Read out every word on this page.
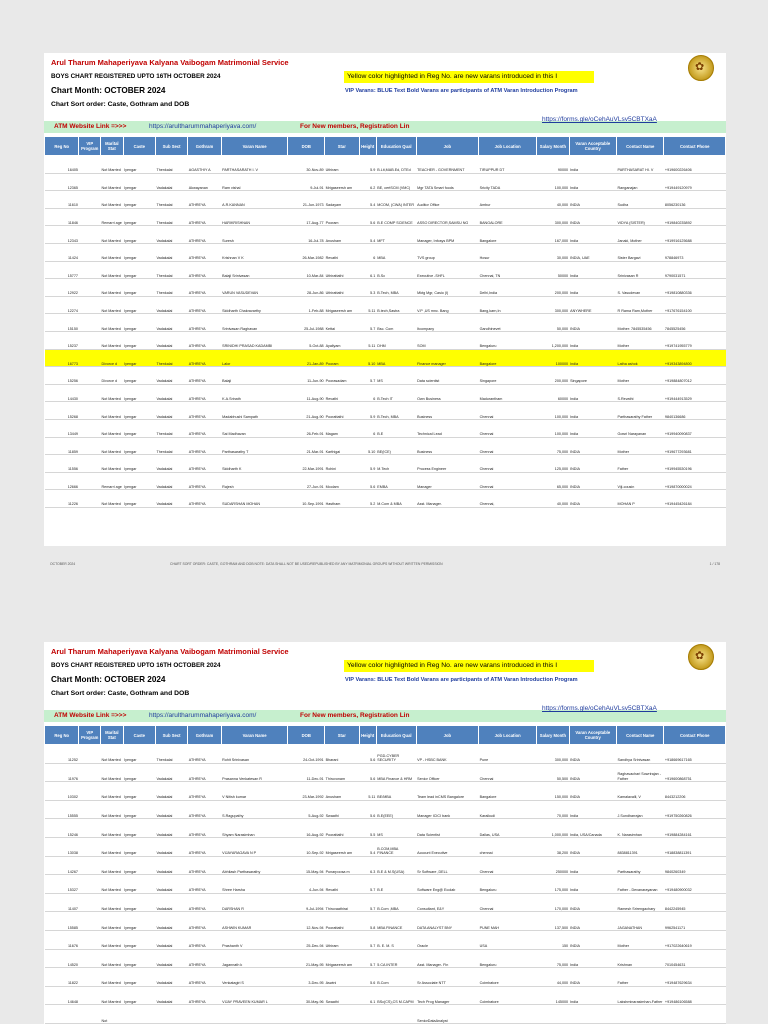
Arul Tharum Mahaperiyava Kalyana Vaibogam Matrimonial Service
BOYS CHART REGISTERED UPTO 16TH OCTOBER 2024
Chart Month: OCTOBER 2024
Chart Sort order: Caste, Gothram and DOB
Yellow color highlighted in Reg No. are new varans introduced in this I
VIP Varans: BLUE Text Bold Varans are participants of ATM Varan Introduction Program
✿
ATM Website Link =>>>	https://arultharummahaperiyava.com/	For New members, Registration Lin
https://forms.gle/oCehAuVLsv5CBTXaA
Reg No	VIP Program	Marital Stat	Caste	Sub Sect	Gothram	Varan Name	DOB	Star	Height	Education Qual	Job	Job Location	Salary Month	Varan Acceptable Country	Contact Name	Contact Phone
16405		Not Married	Iyengar	Thenkalai	AGASTHIY A	PARTHASARATH I. V	30-Nov-89	Uthiram	5.9	B.Lit,MAB.Ed, DTEd	TEACHER - GOVERNMENT	TIRUPPUR DT	90000	India	PARTHASARAT HI. V	+919600226406
12365		Not Married	Iyengar	Vadakalai	Akwayanan	Ram vishal	9-Jul-91	Mrigaseersh am	6.2	BE, certSCM (VMC)	Mgr TATA Smart foods	Sricity TADA	100,000	India	Ranganajan	+919449120979
11610		Not Married	Iyengar	Thenkalai	ATHREYA	A.R.KANNAN	21-Jun-1973	Sadayam	5.4	MCOM, (CWA) INTER	Auditor Office	Ambur	40,000	INDIA	Sudha	8056230136
11846		Remarri age	Iyengar	Thenkalai	ATHREYA	HARIKRISHNAN	17-Aug-77	Pooram	5.6	B.E COMP SCIENCE	ASSO DIRECTOR,SAMSU NG	BANGALORE	300,000	INDIA	VIDYA (SISTER)	+919840235892
12343		Not Married	Iyengar	Vadakalai	ATHREYA	Suresh	16-Jul-78	Anusham	5.4	MFT	Manager, Infosys BPM	Bangalore	167,000	India	Janaki, Mother	+919916125688
11424		Not Married	Iyengar	Vadakalai	ATHREYA	Krishnan V K	26-Mar-1982	Revathi	6	MBA	TVS group	Hosur	30,000	INDIA, UAE	Sister Bargavi	978846973
15777		Not Married	Iyengar	Thenkalai	ATHREYA	Balaji Srinivasan	10-Mar-84	Uthirattathi	6.1	B.Sc	Executive -SHFL	Chennai, TN	50000	India	Srinivasan R	9790031571
12922		Not Married	Iyengar	Thenkalai	ATHREYA	VARUN VASUDEVAN	28-Jun-86	Uthirattathi	5.3	B.Tech, MBA	Mktg Mgr, Casio (I)	Delhi,India	200,000	India	S. Vasudevan	+919810880336
12274		Not Married	Iyengar	Vadakalai	ATHREYA	Siddharth Chakravarthy	1-Feb-88	Mrigaseersh am	5.11	B.tech,Sastra	V.P ,US mnc. Bang	Bang,karn,In	300,000	ANYWHERE	R Rama Ram,Mother	+917676154100
15150		Not Married	Iyengar	Vadakalai	ATHREYA	Srinivasan Raghavan	25-Jul-1988	Kettai	5.7	Bsc. Com	Itcompany	Gandhinevet	50,000	INDIA	Mother: 7845535456	7845525456
15237		Not Married	Iyengar	Vadakalai	ATHREYA	SRINIDHI PRASAD KADAMBI	5-Oct-88	Ayaliyam	5.11	DHM	SOM	Bengaluru	1,200,000	India	Mother	+919741955779
16773		Divorce d	Iyengar	Thenkalai	ATHREYA	Lalor	21-Jan-89	Pooram	5.10	MBA	Finance manager	Bangalore	100000	India	Latha ashok	+919343894800
15256		Divorce d	Iyengar	Vadakalai	ATHREYA	Balaji	11-Jun-90	Poorasadam	5.7	MS	Data scientist	Singapore	200,000	Singapore	Mother	+919884807012
14430		Not Married	Iyengar	Vadakalai	ATHREYA	K.A.Srinath	11-Aug-90	Revathi	6	B.Tech IT	Own Business	Madurantham	60000	India	S.Revathi	+919444913529
15268		Not Married	Iyengar	Vadakalai	ATHREYA	Madabhushi Sampath	21-Aug-90	Poorattathi	5.9	B.Tech, MBA	Business	Chennai	100,000	India	Parthasarathy Father	9840136686
13449		Not Married	Iyengar	Thenkalai	ATHREYA	Sai Madhavan	26-Feb-91	Magam	6	B.E	Technical Lead	Chennai	100,000	India	Gowri Narayanan	+919940090837
11859		Not Married	Iyengar	Thenkalai	ATHREYA	Parthasarathy T	21-Mar-91	Karthigai	5.10	BE(ICE)	Business	Chennai	75,000	INDIA	Mother	+919677293681
11556		Not Married	Iyengar	Vadakalai	ATHREYA	Siddharth K	22-Mar-1991	Rohini	5.9	M.Tech	Process Engineer	Chennai	125,000	INDIA	Father	+919945530196
12666		Remarri age	Iyengar	Vadakalai	ATHREYA	Rajesh	27-Jun-91	Moolam	5.6	EMBA	Manager	Chennai	65,000	INDIA	Viji-cousin	+919870000024
11226		Not Married	Iyengar	Vadakalai	ATHREYA	SUDARSHAN MOHAN	10-Sep-1991	Hastham	5.2	M.Com & MBA	Asst. Manager.	Chennai,	40,000	INDIA	MOHAN P	+919445426184
OCTOBER 2024	CHART SORT ORDER: CASTE, GOTHRAM AND DOB NOTE: DATA SHALL NOT BE USED/REPUBLISHED BY ANY MATRIMONIAL GROUPS WITHOUT WRITTEN PERMISSION	1 / 178
Arul Tharum Mahaperiyava Kalyana Vaibogam Matrimonial Service
BOYS CHART REGISTERED UPTO 16TH OCTOBER 2024
Chart Month: OCTOBER 2024
Chart Sort order: Caste, Gothram and DOB
Yellow color highlighted in Reg No. are new varans introduced in this I
VIP Varans: BLUE Text Bold Varans are participants of ATM Varan Introduction Program
✿
ATM Website Link =>>>	https://arultharummahaperiyava.com/	For New members, Registration Lin
https://forms.gle/oCehAuVLsv5CBTXaA
Reg No	VIP Program	Marital Stat	Caste	Sub Sect	Gothram	Varan Name	DOB	Star	Height	Education Qual	Job	Job Location	Salary Month	Varan Acceptable Country	Contact Name	Contact Phone
11252		Not Married	Iyengar	Thenkalai	ATHREYA	Rohit Srinivasan	24-Oct-1991	Bharani	5.6	PGD-CYBER SECURITY	VP - HSBC BANK	Pune	300,000	INDIA	Sandhya Srinivasan	+918669617165
11976		Not Married	Iyengar	Vadakalai	ATHREYA	Prasanna Venkatesan R	11-Dec-91	Thiruvonam	5.6	MBA Finance & HRM	Senior Officer	Chennai	50,500	INDIA	Raghavachari Sowrirajan - Father	+919600868751
10302		Not Married	Iyengar	Vadakalai	ATHREYA	V Nitish kumar	23-Mar-1992	Anusham	5.11	BE/MBA	Team lead inCMS Bangalore	Bangalore	150,000	INDIA	Kamalavalli, V	8443212206
15555		Not Married	Iyengar	Vadakalai	ATHREYA	S.Ragupathy	5-Aug-92	Swaathi	5.6	B.E(EEE)	Manager ICICI bank	Karaikudi	70,000	India	J.Sundharrajan	+919750260826
15246		Not Married	Iyengar	Vadakalai	ATHREYA	Shyam Narasimhan	16-Aug-92	Poorattathi	5.5	MS	Data Scientist	Dallas, USA	1,000,000	India, USA/Canada	K. Narasimhan	+919884284161
13038		Not Married	Iyengar	Vadakalai	ATHREYA	VIJAYARAGAVA N P	10-Sep-92	Mrigaseersh am	5.4	B.COM,MBA FINANCE	Account Executive	chennai	38,200	INDIA	8838811391	+918838811391
14267		Not Married	Iyengar	Vadakalai	ATHREYA	Abhilash Parthasarathy	15-May-94	Punarpoosa m	6.3	B.E & M.S(USA)	Sr Software ,DELL	Chennai	250000	India	Parthasarathy	9840260349
15327		Not Married	Iyengar	Vadakalai	ATHREYA	Shree Harsha	4-Jun-94	Revathi	5.7	B.E	Software Eng@ Ecolab	Bengaluru	175,000	India	Father - Devanarayanan	+919480900032
11407		Not Married	Iyengar	Vadakalai	ATHREYA	DARSHAN R	9-Jul-1994	Thiruvaathirai	5.7	B.Com ,MBA	Consultant, E&Y	Chennai	170,000	INDIA	Ramesh Srirengachary	8442245945
15585		Not Married	Iyengar	Vadakalai	ATHREYA	ASHWIN KUMAR	12-Nov-94	Poorattathi	5.8	MBA FINANCE	DATA ANALYST BNY	PUNE MAH	137,500	INDIA	JAGANATHAN	9962541171
11676		Not Married	Iyengar	Vadakalai	ATHREYA	Prashanth V	25-Dec-94	Uthiram	5.7	B. E. M. S	Oracle	USA	150	INDIA	Mother	+917022640619
14520		Not Married	Iyengar	Vadakalai	ATHREYA	Jagannath k	21-May-95	Mrigaseersh am	5.7	5.CA INTER	Asst. Manager- Fin	Bengaluru	75,000	India	Krishnan	7010454631
11822		Not Married	Iyengar	Vadakalai	ATHREYA	Venkatagiri S	3-Dec-95	Aswini	5.6	B.Com	Sr Associate NTT	Coimbatore	44,000	INDIA	Father	+919487629634
14648		Not Married	Iyengar	Vadakalai	ATHREYA	VIJAY PRAVEEN KUMAR L	30-May-96	Swaathi	6.1	BSc(CS),CS M.CAPM	Tech Prog Manager	Coimbatore	145000	India	Lakshminarasimhan-Father	+919486106588
		Not									SeniorDataAnalyst					
